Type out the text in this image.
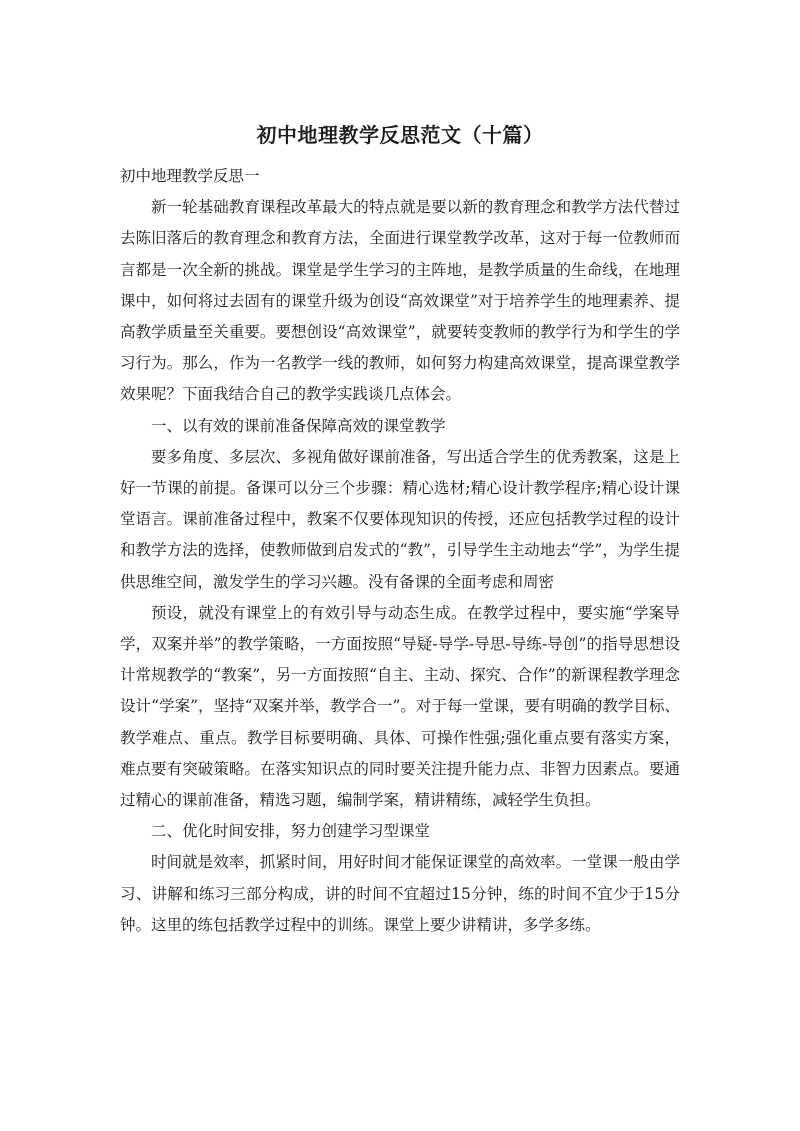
初中地理教学反思范文（十篇）

初中地理教学反思一

新一轮基础教育课程改革最大的特点就是要以新的教育理念和教学方法代替过去陈旧落后的教育理念和教育方法，全面进行课堂教学改革，这对于每一位教师而言都是一次全新的挑战。课堂是学生学习的主阵地，是教学质量的生命线，在地理课中，如何将过去固有的课堂升级为创设“高效课堂”对于培养学生的地理素养、提高教学质量至关重要。要想创设“高效课堂”，就要转变教师的教学行为和学生的学习行为。那么，作为一名教学一线的教师，如何努力构建高效课堂，提高课堂教学效果呢？下面我结合自己的教学实践谈几点体会。

一、以有效的课前准备保障高效的课堂教学

要多角度、多层次、多视角做好课前准备，写出适合学生的优秀教案，这是上好一节课的前提。备课可以分三个步骤：精心选材;精心设计教学程序;精心设计课堂语言。课前准备过程中，教案不仅要体现知识的传授，还应包括教学过程的设计和教学方法的选择，使教师做到启发式的“教”，引导学生主动地去“学”，为学生提供思维空间，激发学生的学习兴趣。没有备课的全面考虑和周密

预设，就没有课堂上的有效引导与动态生成。在教学过程中，要实施“学案导学，双案并举”的教学策略，一方面按照“导疑-导学-导思-导练-导创”的指导思想设计常规教学的“教案”，另一方面按照“自主、主动、探究、合作”的新课程教学理念设计“学案”，坚持“双案并举，教学合一”。对于每一堂课，要有明确的教学目标、教学难点、重点。教学目标要明确、具体、可操作性强;强化重点要有落实方案，难点要有突破策略。在落实知识点的同时要关注提升能力点、非智力因素点。要通过精心的课前准备，精选习题，编制学案，精讲精练，减轻学生负担。

二、优化时间安排，努力创建学习型课堂

时间就是效率，抓紧时间，用好时间才能保证课堂的高效率。一堂课一般由学习、讲解和练习三部分构成，讲的时间不宜超过15分钟，练的时间不宜少于15分钟。这里的练包括教学过程中的训练。课堂上要少讲精讲，多学多练。
